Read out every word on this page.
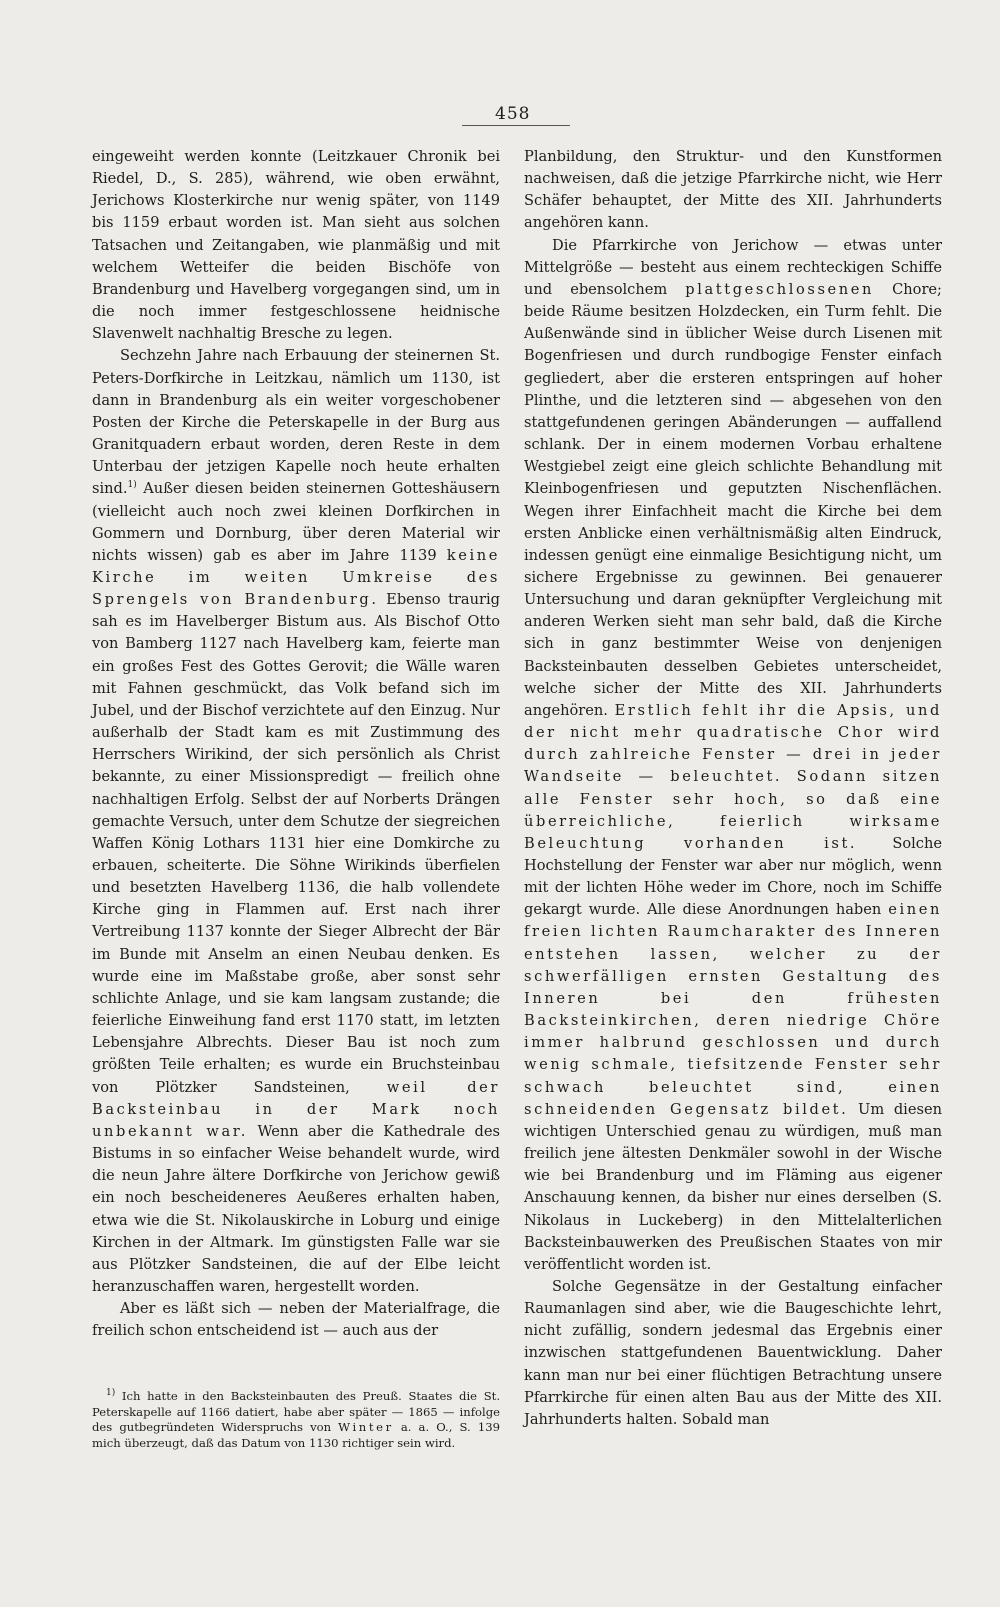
458

eingeweiht werden konnte (Leitzkauer Chronik bei Riedel, D., S. 285), während, wie oben erwähnt, Jerichows Klosterkirche nur wenig später, von 1149 bis 1159 erbaut worden ist. Man sieht aus solchen Tatsachen und Zeitangaben, wie planmäßig und mit welchem Wetteifer die beiden Bischöfe von Brandenburg und Havelberg vorgegangen sind, um in die noch immer festgeschlossene heidnische Slavenwelt nachhaltig Bresche zu legen.

Sechzehn Jahre nach Erbauung der steinernen St. Peters-Dorfkirche in Leitzkau, nämlich um 1130, ist dann in Brandenburg als ein weiter vorgeschobener Posten der Kirche die Peterskapelle in der Burg aus Granitquadern erbaut worden, deren Reste in dem Unterbau der jetzigen Kapelle noch heute erhalten sind.$^{1)}$ Außer diesen beiden steinernen Gotteshäusern (vielleicht auch noch zwei kleinen Dorfkirchen in Gommern und Dornburg, über deren Material wir nichts wissen) gab es aber im Jahre 1139 keine Kirche im weiten Umkreise des Sprengels von Brandenburg. Ebenso traurig sah es im Havelberger Bistum aus. Als Bischof Otto von Bamberg 1127 nach Havelberg kam, feierte man ein großes Fest des Gottes Gerovit; die Wälle waren mit Fahnen geschmückt, das Volk befand sich im Jubel, und der Bischof verzichtete auf den Einzug. Nur außerhalb der Stadt kam es mit Zustimmung des Herrschers Wirikind, der sich persönlich als Christ bekannte, zu einer Missionspredigt — freilich ohne nachhaltigen Erfolg. Selbst der auf Norberts Drängen gemachte Versuch, unter dem Schutze der siegreichen Waffen König Lothars 1131 hier eine Domkirche zu erbauen, scheiterte. Die Söhne Wirikinds überfielen und besetzten Havelberg 1136, die halb vollendete Kirche ging in Flammen auf. Erst nach ihrer Vertreibung 1137 konnte der Sieger Albrecht der Bär im Bunde mit Anselm an einen Neubau denken. Es wurde eine im Maßstabe große, aber sonst sehr schlichte Anlage, und sie kam langsam zustande; die feierliche Einweihung fand erst 1170 statt, im letzten Lebensjahre Albrechts. Dieser Bau ist noch zum größten Teile erhalten; es wurde ein Bruchsteinbau von Plötzker Sandsteinen, weil der Backsteinbau in der Mark noch unbekannt war. Wenn aber die Kathedrale des Bistums in so einfacher Weise behandelt wurde, wird die neun Jahre ältere Dorfkirche von Jerichow gewiß ein noch bescheideneres Aeußeres erhalten haben, etwa wie die St. Nikolauskirche in Loburg und einige Kirchen in der Altmark. Im günstigsten Falle war sie aus Plötzker Sandsteinen, die auf der Elbe leicht heranzuschaffen waren, hergestellt worden.

Aber es läßt sich — neben der Materialfrage, die freilich schon entscheidend ist — auch aus der

$^{1)}$ Ich hatte in den Backsteinbauten des Preuß. Staates die St. Peterskapelle auf 1166 datiert, habe aber später — 1865 — infolge des gutbegründeten Widerspruchs von Winter a. a. O., S. 139 mich überzeugt, daß das Datum von 1130 richtiger sein wird.

Planbildung, den Struktur- und den Kunstformen nachweisen, daß die jetzige Pfarrkirche nicht, wie Herr Schäfer behauptet, der Mitte des XII. Jahrhunderts angehören kann.

Die Pfarrkirche von Jerichow — etwas unter Mittelgröße — besteht aus einem rechteckigen Schiffe und ebensolchem plattgeschlossenen Chore; beide Räume besitzen Holzdecken, ein Turm fehlt. Die Außenwände sind in üblicher Weise durch Lisenen mit Bogenfriesen und durch rundbogige Fenster einfach gegliedert, aber die ersteren entspringen auf hoher Plinthe, und die letzteren sind — abgesehen von den stattgefundenen geringen Abänderungen — auffallend schlank. Der in einem modernen Vorbau erhaltene Westgiebel zeigt eine gleich schlichte Behandlung mit Kleinbogenfriesen und geputzten Nischenflächen. Wegen ihrer Einfachheit macht die Kirche bei dem ersten Anblicke einen verhältnismäßig alten Eindruck, indessen genügt eine einmalige Besichtigung nicht, um sichere Ergebnisse zu gewinnen. Bei genauerer Untersuchung und daran geknüpfter Vergleichung mit anderen Werken sieht man sehr bald, daß die Kirche sich in ganz bestimmter Weise von denjenigen Backsteinbauten desselben Gebietes unterscheidet, welche sicher der Mitte des XII. Jahrhunderts angehören. Erstlich fehlt ihr die Apsis, und der nicht mehr quadratische Chor wird durch zahlreiche Fenster — drei in jeder Wandseite — beleuchtet. Sodann sitzen alle Fenster sehr hoch, so daß eine überreichliche, feierlich wirksame Beleuchtung vorhanden ist. Solche Hochstellung der Fenster war aber nur möglich, wenn mit der lichten Höhe weder im Chore, noch im Schiffe gekargt wurde. Alle diese Anordnungen haben einen freien lichten Raumcharakter des Inneren entstehen lassen, welcher zu der schwerfälligen ernsten Gestaltung des Inneren bei den frühesten Backsteinkirchen, deren niedrige Chöre immer halbrund geschlossen und durch wenig schmale, tiefsitzende Fenster sehr schwach beleuchtet sind, einen schneidenden Gegensatz bildet. Um diesen wichtigen Unterschied genau zu würdigen, muß man freilich jene ältesten Denkmäler sowohl in der Wische wie bei Brandenburg und im Fläming aus eigener Anschauung kennen, da bisher nur eines derselben (S. Nikolaus in Luckeberg) in den Mittelalterlichen Backsteinbauwerken des Preußischen Staates von mir veröffentlicht worden ist.

Solche Gegensätze in der Gestaltung einfacher Raumanlagen sind aber, wie die Baugeschichte lehrt, nicht zufällig, sondern jedesmal das Ergebnis einer inzwischen stattgefundenen Bauentwicklung. Daher kann man nur bei einer flüchtigen Betrachtung unsere Pfarrkirche für einen alten Bau aus der Mitte des XII. Jahrhunderts halten. Sobald man
